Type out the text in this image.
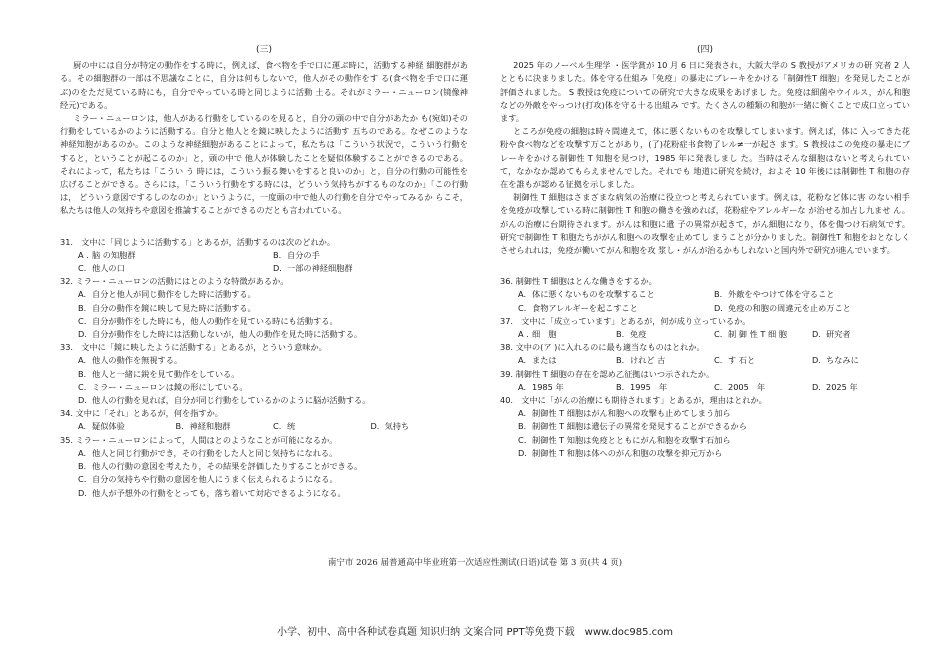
(三)

厨の中には自分が特定の動作をする時に，例えば、食べ物を手で口に運ぶ時に，活動する神経 細胞群があ る。その細胞群の一部は不思議なことに，自分は何もしないで，他人がその動作をす る(食べ物を手で口に運ぶ)のをただ見ている時にも，自分でやっている時と同じように活動 土る。それがミラー・ニューロン(镜像神经元)である。

ミラー・ニューロンは，他人がある行動をしているのを見ると，自分の頭の中で自分があたか も(宛如)その行動をしているかのように活動する。自分と他人とを鏡に映したように活動す 五ちのである。なぜこのような神経知胞があるのか。このような神経細胞があることによって，私たちは「こういう状況で，こういう行動をすると，ということが起こるのか」と，頭の中で 他人が体験したことを疑似体験することができるのである。それによって，私たちは「こうい う 時には，こういう振る舞いをすると良いのか」と，自分の行動の可能性を広げることができる。さらには，「こういう行動をする時には，どういう気持ちがするものなのか」「この行動は， どういう意図でするしのなのか」というように，一度頭の中で他人の行動を自分でやってみるか らこそ，私たちは他人の気持ちや意図を推論することができるのだとも言われている。

31.　文中に「同じように活動する」とあるが，活動するのは次のどれか。

A . 脑 の知胞群	B. 自分の手
C. 他人の口	D. 一部の神経细胞群

32. ミラー・ニューロンの活動にはとのような特徴があるか。

A. 自分と他人が同じ動作をした時に活動する。
B. 自分の動作を鏡に映して見た時に活動する。
C. 自分が動作をした時にも，他人の動作を見ている時にも活動する。
D. 自分が動作をした時には活動しないが，他人の動作を見た時に活動する。

33.　文中に「鏡に映したように活動する」とあるが，とういう意味か。

A. 他人の動作を無視する。
B. 他人と一緒に鋭を見て動作をしている。
C. ミラー・ニューロンは鏡の形にしている。
D. 他人の行動を見れば，自分が同じ行動をしているかのように脳が活動する。

34. 文中に「それ」とあるが，何を指すか。

A. 疑似体验	B. 神経和胞群	C. 统	D. 気持ち

35. ミラー・ニューロンによって，人間はとのようなことが可能になるか。

A. 他人と同じ行動ができ，その行動をした人と同じ気持ちになれる。
B. 他人の行動の意図を考えたり，その結果を評価したりすることができる。
C. 自分の気持ちや行動の意図を他人にうまく伝えられるようになる。
D. 他人が予想外の行動をとっても，落ち着いて対応できるようになる。
(四)

2025 年のノーベル生理学 ・医学賞が 10 月 6 日に発表され，大阪大学の S 教授がアメリカの研 究者 2 人とともに決まりました。体を守る仕組み「免疫」の暴走にブレーキをかける「制御性T 细胞」を発見したことが評価されました。 S 教授は免疫についての研究で大きな成果をあげまし た。免疫は細菌やウイルス，がん和胞などの外敵をやっつけ(打攻)体を守る十る出組み です。たくさんの種類の和胞が一緒に衡くことで成口立っています。

ところが免疫の細胞は時々間違えて，体に悪くないものを攻撃してしまいます。例えば，体に 入ってきた花粉や食べ物などを攻撃す万ことがあり，(了)花粉症书食物了レル≠一が起さ ます。S 教授はこの免疫の暴走にブレーキをかける制御性 T 知胞を見つけ，1985 年に発表しまし た。当時はそんな細胞はないと考えられていて，なかなか認めてもらえませんでした。それでも 地道に研究を続け，およそ 10 年後には制御性 T 和胞の存在を誰もが認める征拠を示しました。

制御性 T 細胞はさまざまな病気の治療に役立つと考えられています。例えは，花粉など体に害 のない相手を免疫が攻撃している時に制御性 T 和胞の働きを強めれば，花粉症やアレルギーな が治せる加占し九ませ ん。がんの治療に台期待されます。がんは和胞に遺 子の異常が起きて，がん細胞になり，体を傷つけ石病気です。研究で制御性 T 和胞たちががん和胞への攻撃を止めてし まうことが分かりました。制御性T 和胞をおとなしくさせられれは，免疫が働いてがん和胞を攻 浆し・がんが治るかもしれないと国内外で研究が進んでいます。

36. 制御性 T 細胞はとんな働きをするか。

A. 体に悪くないものを攻撃すること	B. 外敵をやつけて体を守ること
C. 食物アレルギーを起こすこと	D. 免疫の和胞の周違元を止め万こと

37.　文中に「成立っています」とあるが，何が成り立っているか。

A . 细　胞	B. 免疫	C. 制 御 性 T 细 胞	D. 研究者

38. 文中の(ア )に入れるのに最も適当なものはとれか。

A. または	B. けれど 古	C. す 石と	D. ちなみに

39. 制御性 T 細胞の存在を認め乙征拠はいつ示されたか。

A. 1985 年	B. 1995　年	C. 2005　年	D. 2025 年

40.　文中に「がんの治療にも期待されます」とあるが，理由はとれか。

A. 制御性 T 细胞はがん和胞への攻撃も止めてしまう加ら
B. 制御性 T 細胞は遺伝子の異常を発見することができるから
C. 制御性 T 知胞は免疫とともにがん和胞を攻撃す石加ら
D. 制御性 T 和胞は体へのがん和胞の攻撃を抑元万から
南宁市 2026 届普通高中毕业班第一次适应性测试(日语)试卷 第 3 页(共 4 页)
小学、初中、高中各种试卷真题 知识归纳 文案合同 PPT等免费下载　www.doc985.com
